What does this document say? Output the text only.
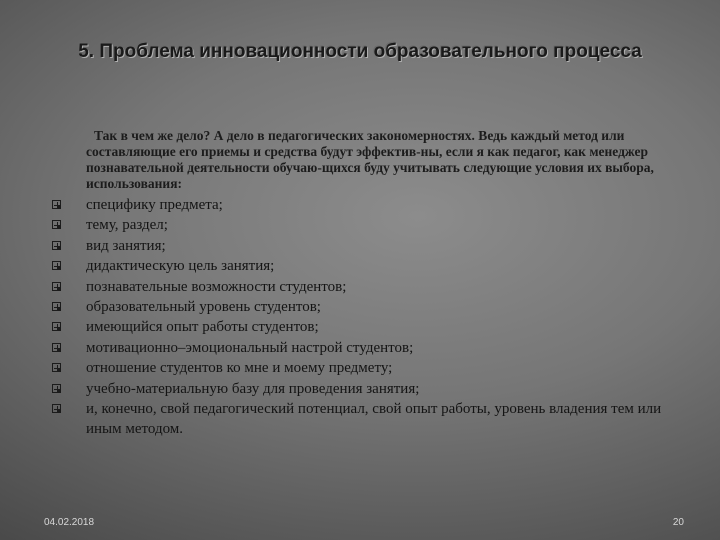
5. Проблема инновационности образовательного процесса

Так в чем же дело? А дело в педагогических закономерностях. Ведь каждый метод или составляющие его приемы и средства будут эффектив-ны, если я как педагог, как менеджер познавательной деятельности обучаю-щихся буду учитывать следующие условия их выбора, использования:

специфику предмета;
тему, раздел;
вид занятия;
дидактическую цель занятия;
познавательные возможности студентов;
образовательный уровень студентов;
имеющийся опыт работы студентов;
мотивационно–эмоциональный настрой студентов;
отношение студентов ко мне и моему предмету;
учебно-материальную базу для проведения занятия;
и, конечно, свой педагогический потенциал, свой опыт работы, уровень владения тем или иным методом.
04.02.2018	20
